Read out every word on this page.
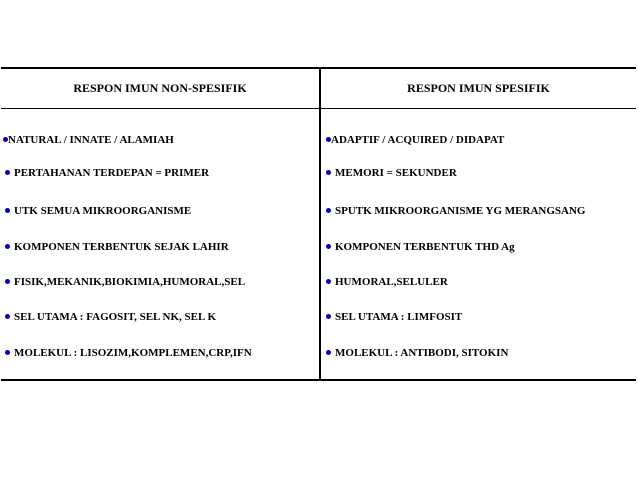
RESPON IMUN NON-SPESIFIK	RESPON IMUN SPESIFIK
NATURAL / INNATE / ALAMIAH
PERTAHANAN TERDEPAN = PRIMER
UTK SEMUA MIKROORGANISME
KOMPONEN TERBENTUK SEJAK LAHIR
FISIK,MEKANIK,BIOKIMIA,HUMORAL,SEL
SEL UTAMA : FAGOSIT, SEL NK, SEL K
MOLEKUL : LISOZIM,KOMPLEMEN,CRP,IFN
ADAPTIF / ACQUIRED / DIDAPAT
MEMORI = SEKUNDER
SPUTK MIKROORGANISME YG MERANGSANG
KOMPONEN TERBENTUK THD Ag
HUMORAL,SELULER
SEL UTAMA : LIMFOSIT
MOLEKUL : ANTIBODI, SITOKIN
